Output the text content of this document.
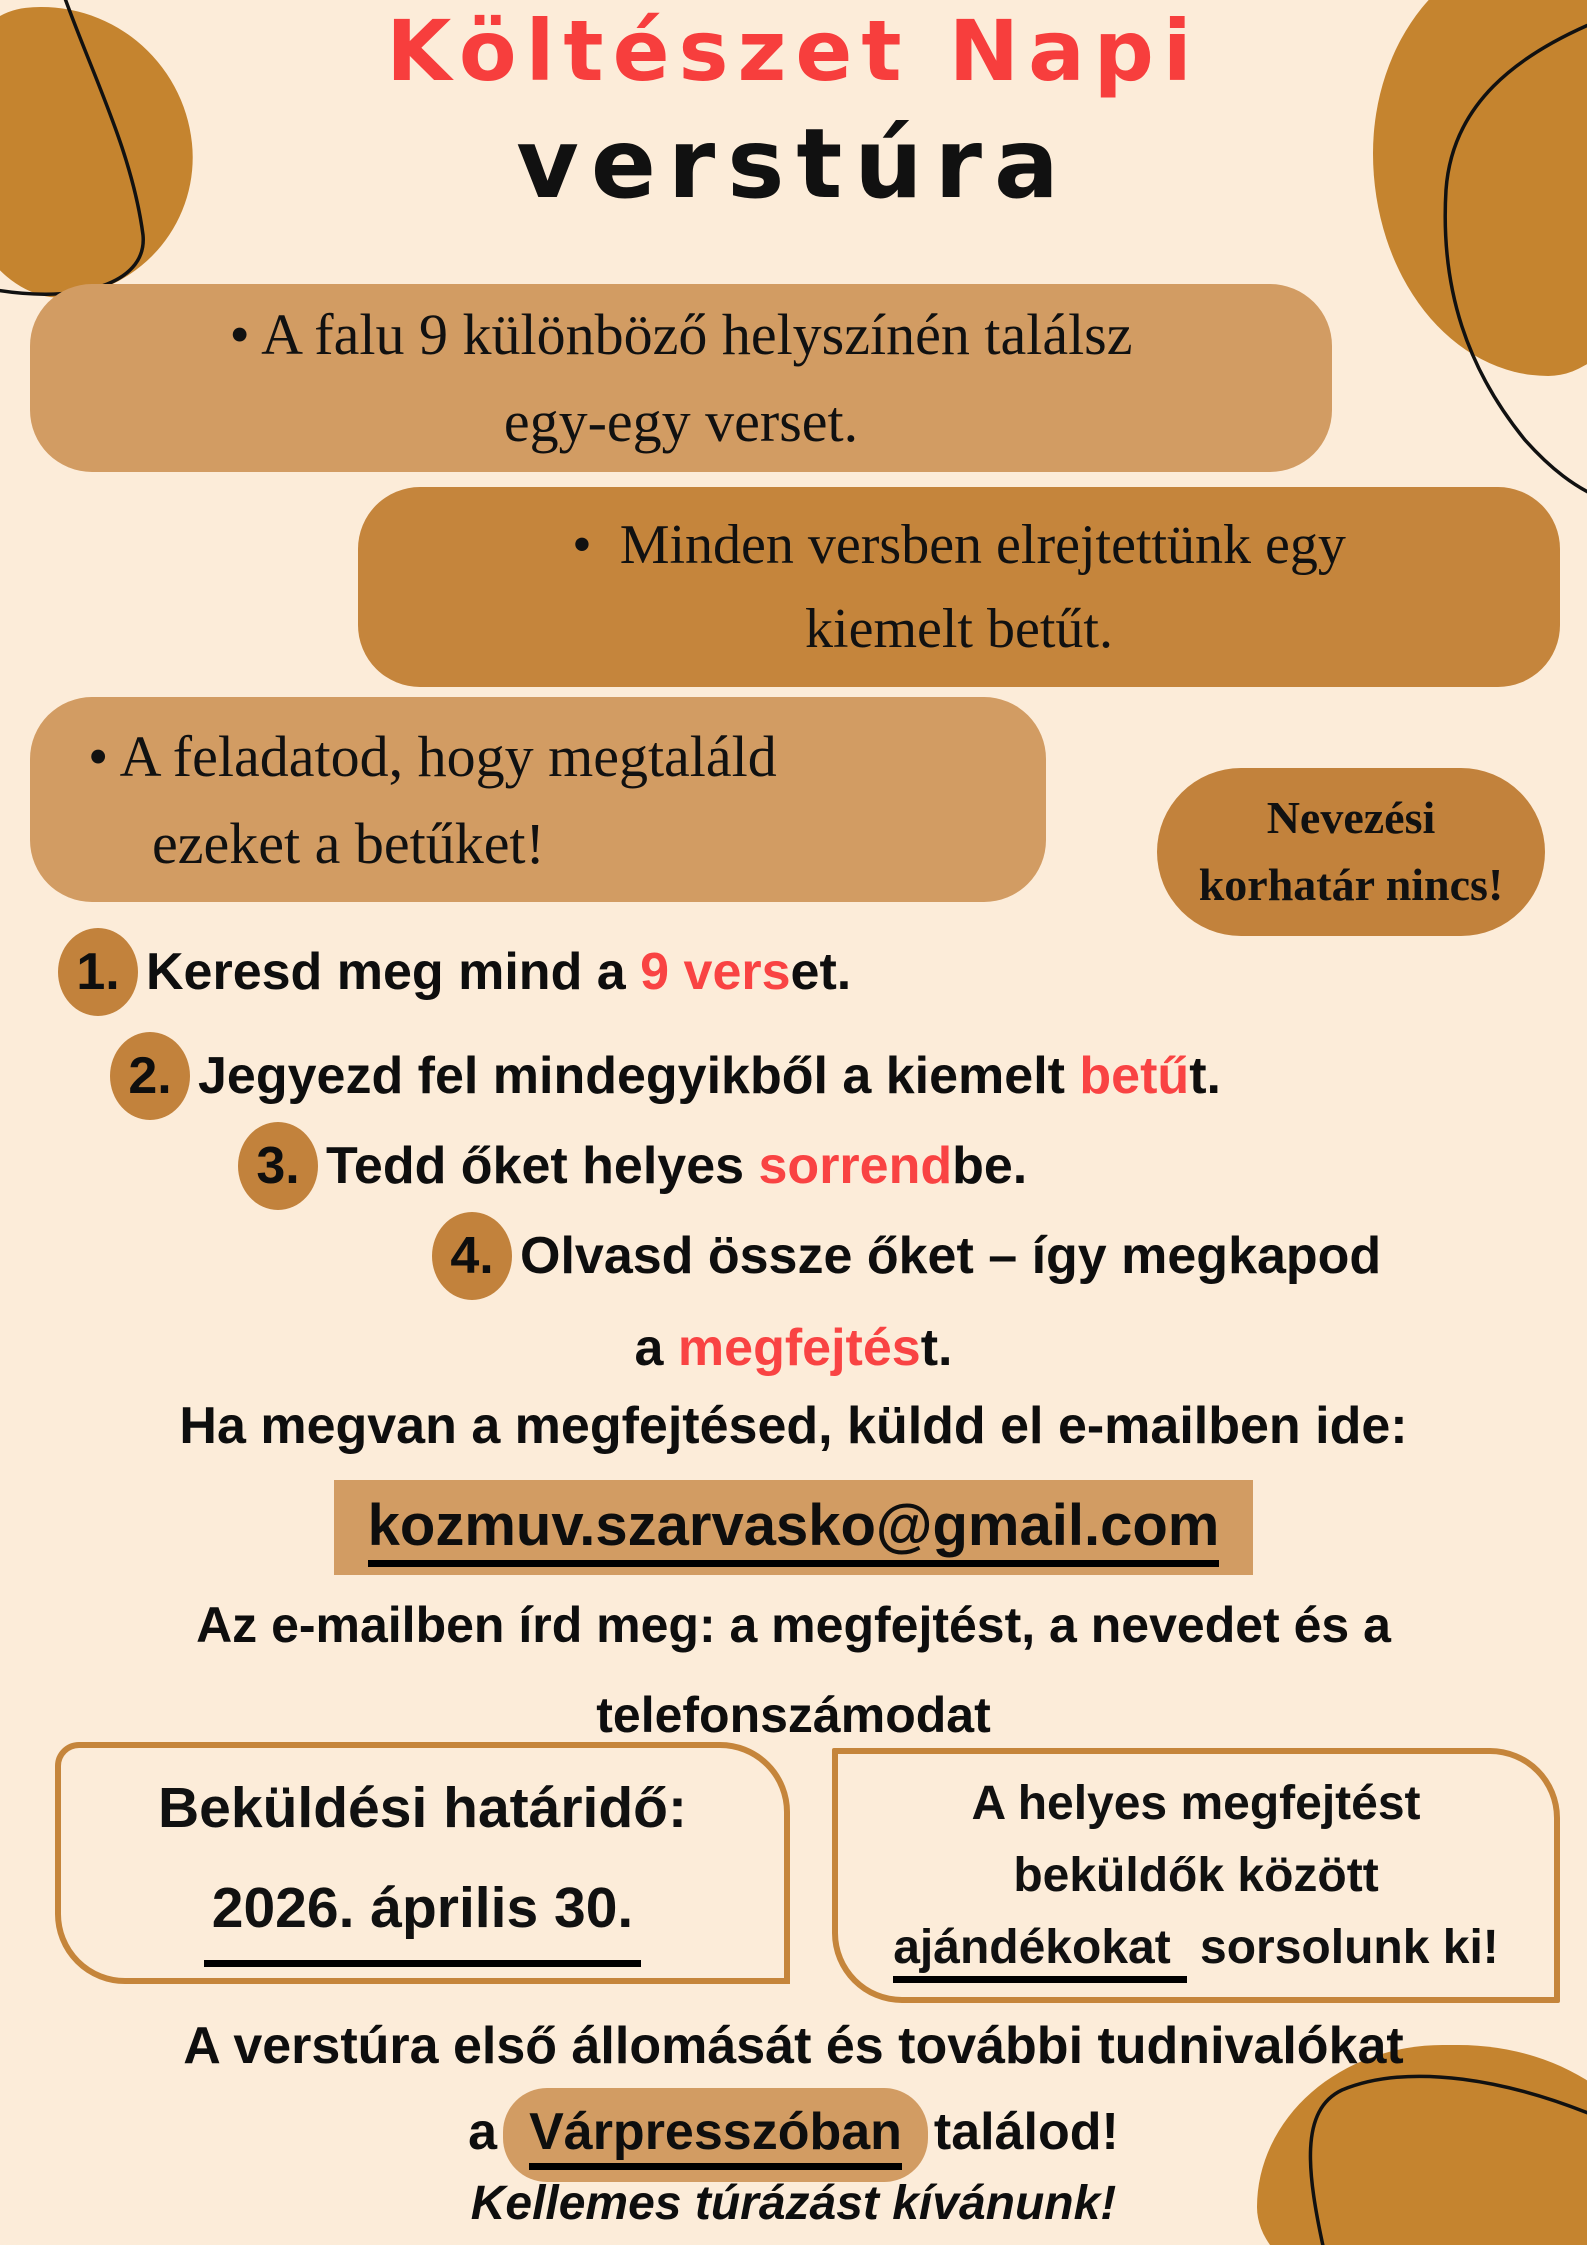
Költészet Napi
verstúra
• A falu 9 különböző helyszínén találsz
egy-egy verset.
• Minden versben elrejtettünk egy
kiemelt betűt.
• A feladatod, hogy megtaláld
ezeket a betűket!	Nevezési
korhatár nincs!
1. Keresd meg mind a 9 verset.
2. Jegyezd fel mindegyikből a kiemelt betűt.
3. Tedd őket helyes sorrendbe.
4. Olvasd össze őket – így megkapod
a megfejtést.
Ha megvan a megfejtésed, küldd el e-mailben ide:
kozmuv.szarvasko@gmail.com
Az e-mailben írd meg: a megfejtést, a nevedet és a
telefonszámodat
Beküldési határidő:
2026. április 30.
A helyes megfejtést
beküldők között
ajándékokat sorsolunk ki!
A verstúra első állomását és további tudnivalókat
a Várpresszóban találod!
Kellemes túrázást kívánunk!
